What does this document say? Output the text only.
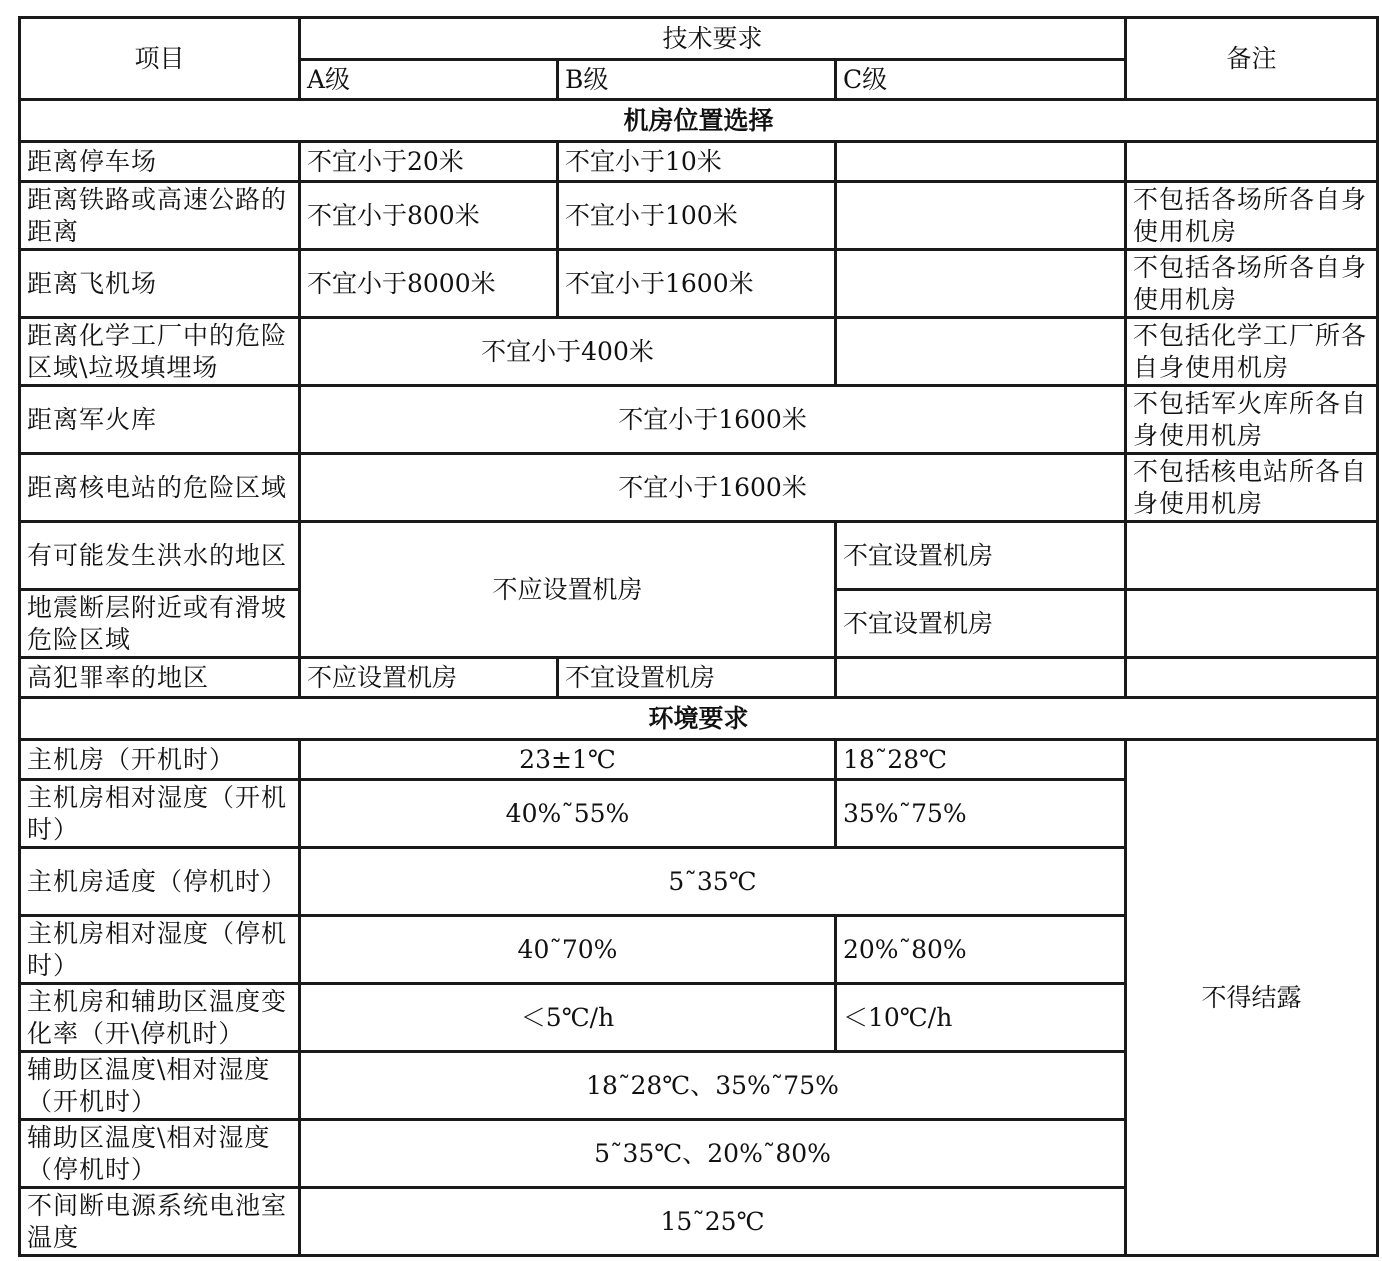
项目	技术要求			备注
	A级	B级	C级	
机房位置选择				
距离停车场	不宜小于20米	不宜小于10米		
距离铁路或高速公路的距离	不宜小于800米	不宜小于100米		不包括各场所各自身使用机房
距离飞机场	不宜小于8000米	不宜小于1600米		不包括各场所各自身使用机房
距离化学工厂中的危险区域\垃圾填埋场	不宜小于400米			不包括化学工厂所各自身使用机房
距离军火库	不宜小于1600米			不包括军火库所各自身使用机房
距离核电站的危险区域	不宜小于1600米			不包括核电站所各自身使用机房
有可能发生洪水的地区	不应设置机房		不宜设置机房	
地震断层附近或有滑坡危险区域			不宜设置机房	
高犯罪率的地区	不应设置机房	不宜设置机房		
环境要求				
主机房（开机时）	23±1℃		18˜28℃	不得结露
主机房相对湿度（开机时）	40%˜55%		35%˜75%	
主机房适度（停机时）	5˜35℃			
主机房相对湿度（停机时）	40˜70%		20%˜80%	
主机房和辅助区温度变化率（开\停机时）	＜5℃/h		＜10℃/h	
辅助区温度\相对湿度（开机时）	18˜28℃、35%˜75%			
辅助区温度\相对湿度（停机时）	5˜35℃、20%˜80%			
不间断电源系统电池室温度	15˜25℃			
